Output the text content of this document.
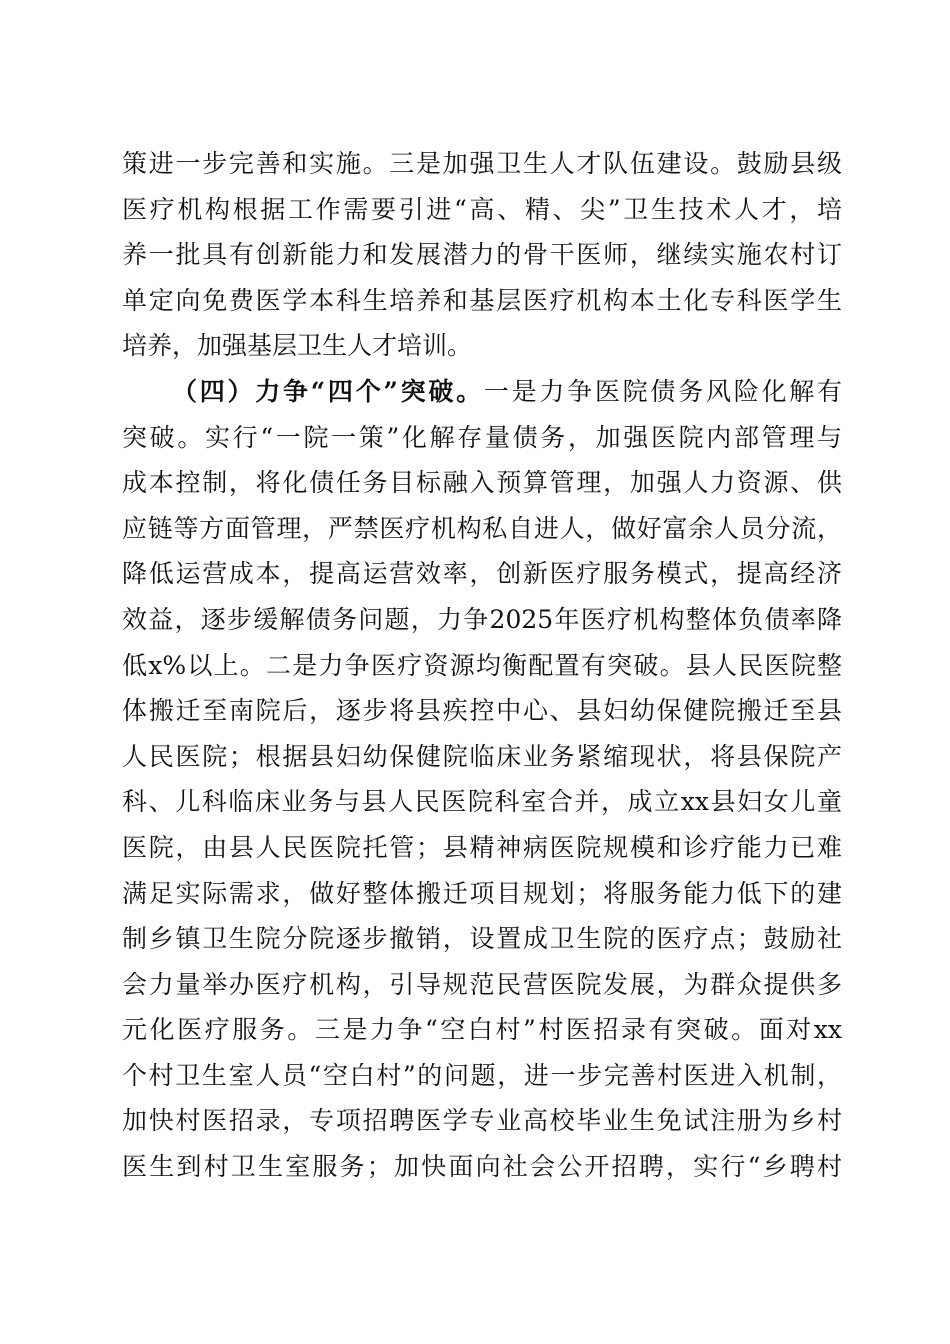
策进一步完善和实施。三是加强卫生人才队伍建设。鼓励县级
医疗机构根据工作需要引进“高、精、尖”卫生技术人才，培
养一批具有创新能力和发展潜力的骨干医师，继续实施农村订
单定向免费医学本科生培养和基层医疗机构本土化专科医学生
培养，加强基层卫生人才培训。
（四）力争“四个”突破。一是力争医院债务风险化解有
突破。实行“一院一策”化解存量债务，加强医院内部管理与
成本控制，将化债任务目标融入预算管理，加强人力资源、供
应链等方面管理，严禁医疗机构私自进人，做好富余人员分流，
降低运营成本，提高运营效率，创新医疗服务模式，提高经济
效益，逐步缓解债务问题，力争2025年医疗机构整体负债率降
低x%以上。二是力争医疗资源均衡配置有突破。县人民医院整
体搬迁至南院后，逐步将县疾控中心、县妇幼保健院搬迁至县
人民医院；根据县妇幼保健院临床业务紧缩现状，将县保院产
科、儿科临床业务与县人民医院科室合并，成立xx县妇女儿童
医院，由县人民医院托管；县精神病医院规模和诊疗能力已难
满足实际需求，做好整体搬迁项目规划；将服务能力低下的建
制乡镇卫生院分院逐步撤销，设置成卫生院的医疗点；鼓励社
会力量举办医疗机构，引导规范民营医院发展，为群众提供多
元化医疗服务。三是力争“空白村”村医招录有突破。面对xx
个村卫生室人员“空白村”的问题，进一步完善村医进入机制，
加快村医招录，专项招聘医学专业高校毕业生免试注册为乡村
医生到村卫生室服务；加快面向社会公开招聘，实行“乡聘村
